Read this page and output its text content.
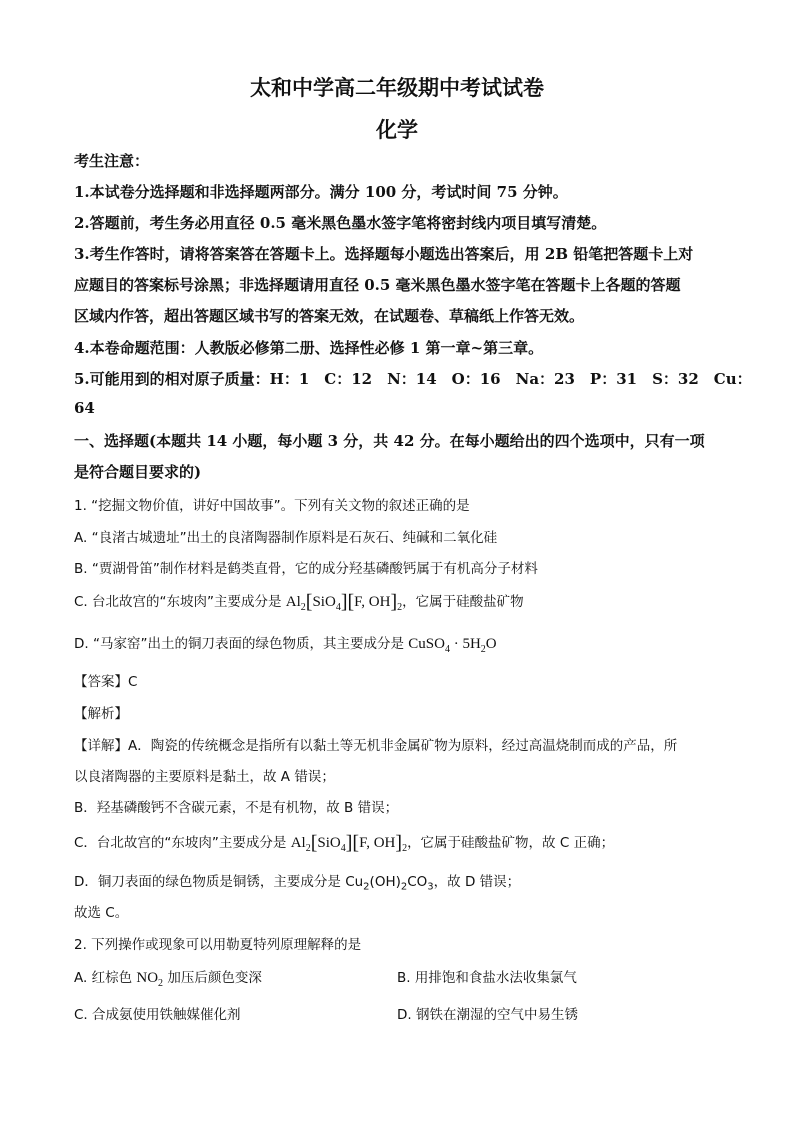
太和中学高二年级期中考试试卷
化学
考生注意：
1.本试卷分选择题和非选择题两部分。满分 100 分，考试时间 75 分钟。
2.答题前，考生务必用直径 0.5 毫米黑色墨水签字笔将密封线内项目填写清楚。
3.考生作答时，请将答案答在答题卡上。选择题每小题选出答案后，用 2B 铅笔把答题卡上对
应题目的答案标号涂黑；非选择题请用直径 0.5 毫米黑色墨水签字笔在答题卡上各题的答题
区域内作答，超出答题区域书写的答案无效，在试题卷、草稿纸上作答无效。
4.本卷命题范围：人教版必修第二册、选择性必修 1 第一章~第三章。
5.可能用到的相对原子质量：H：1　C：12　N：14　O：16　Na：23　P：31　S：32　Cu：
64
一、选择题(本题共 14 小题，每小题 3 分，共 42 分。在每小题给出的四个选项中，只有一项
是符合题目要求的)
1. “挖掘文物价值，讲好中国故事”。下列有关文物的叙述正确的是
A. “良渚古城遗址”出土的良渚陶器制作原料是石灰石、纯碱和二氧化硅
B. “贾湖骨笛”制作材料是鹤类直骨，它的成分羟基磷酸钙属于有机高分子材料
C. 台北故宫的“东坡肉”主要成分是 $Al_2[SiO_4][F$, $OH]_2$，它属于硅酸盐矿物
D. “马家窑”出土的铜刀表面的绿色物质，其主要成分是 CuSO$_4$ · $5H_2O$
【答案】C
【解析】
【详解】A．陶瓷的传统概念是指所有以黏土等无机非金属矿物为原料，经过高温烧制而成的产品，所
以良渚陶器的主要原料是黏土，故 A 错误；
B．羟基磷酸钙不含碳元素，不是有机物，故 B 错误；
C．台北故宫的“东坡肉”主要成分是 $Al_2[SiO_4][F$, $OH]_2$，它属于硅酸盐矿物，故 C 正确；
D．铜刀表面的绿色物质是铜锈，主要成分是 $Cu_2(OH)_2CO_3$，故 D 错误；
故选 C。
2. 下列操作或现象可以用勒夏特列原理解释的是
A. 红棕色 $NO_2$ 加压后颜色变深	B. 用排饱和食盐水法收集氯气
C. 合成氨使用铁触媒催化剂	D. 钢铁在潮湿的空气中易生锈
